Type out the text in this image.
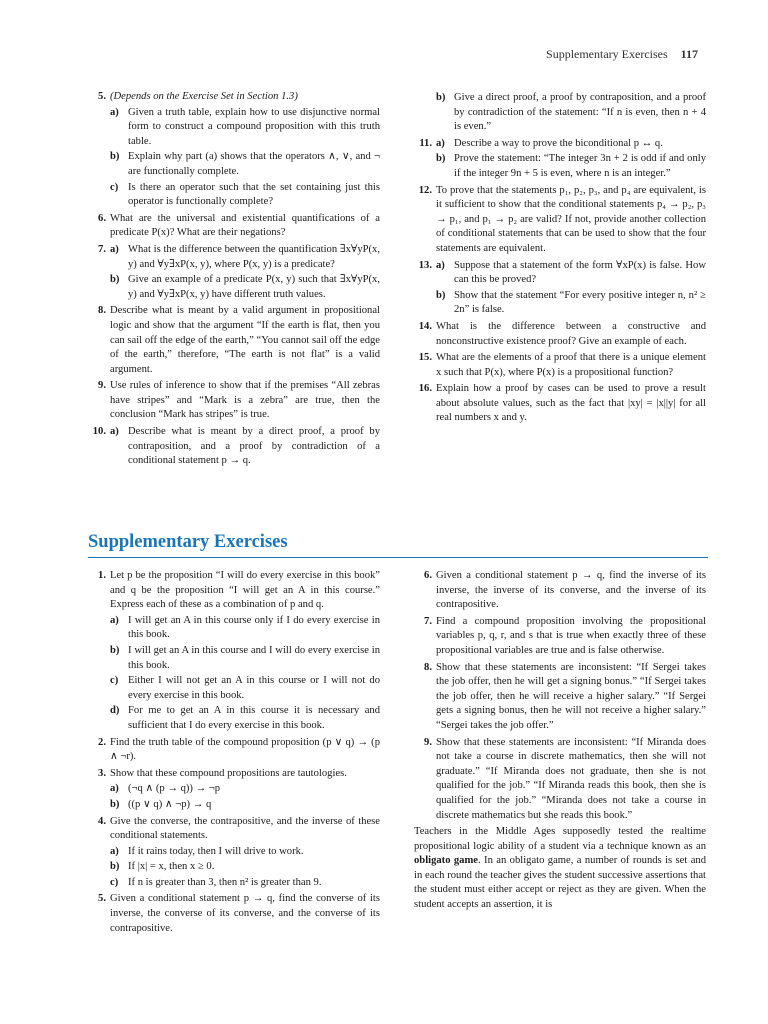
Supplementary Exercises 117
5. (Depends on the Exercise Set in Section 1.3)
a) Given a truth table, explain how to use disjunctive normal form to construct a compound proposition with this truth table.
b) Explain why part (a) shows that the operators ∧, ∨, and ¬ are functionally complete.
c) Is there an operator such that the set containing just this operator is functionally complete?
6. What are the universal and existential quantifications of a predicate P(x)? What are their negations?
7. a) What is the difference between the quantification ∃x∀yP(x, y) and ∀y∃xP(x, y), where P(x, y) is a predicate?
b) Give an example of a predicate P(x, y) such that ∃x∀yP(x, y) and ∀y∃xP(x, y) have different truth values.
8. Describe what is meant by a valid argument in propositional logic and show that the argument “If the earth is flat, then you can sail off the edge of the earth,” “You cannot sail off the edge of the earth,” therefore, “The earth is not flat” is a valid argument.
9. Use rules of inference to show that if the premises “All zebras have stripes” and “Mark is a zebra” are true, then the conclusion “Mark has stripes” is true.
10. a) Describe what is meant by a direct proof, a proof by contraposition, and a proof by contradiction of a conditional statement p → q.
b) Give a direct proof, a proof by contraposition, and a proof by contradiction of the statement: “If n is even, then n + 4 is even.”
11. a) Describe a way to prove the biconditional p ↔ q.
b) Prove the statement: “The integer 3n + 2 is odd if and only if the integer 9n + 5 is even, where n is an integer.”
12. To prove that the statements p₁, p₂, p₃, and p₄ are equivalent, is it sufficient to show that the conditional statements p₄ → p₂, p₃ → p₁, and p₁ → p₂ are valid? If not, provide another collection of conditional statements that can be used to show that the four statements are equivalent.
13. a) Suppose that a statement of the form ∀xP(x) is false. How can this be proved?
b) Show that the statement “For every positive integer n, n² ≥ 2n” is false.
14. What is the difference between a constructive and nonconstructive existence proof? Give an example of each.
15. What are the elements of a proof that there is a unique element x such that P(x), where P(x) is a propositional function?
16. Explain how a proof by cases can be used to prove a result about absolute values, such as the fact that |xy| = |x||y| for all real numbers x and y.
Supplementary Exercises
1. Let p be the proposition “I will do every exercise in this book” and q be the proposition “I will get an A in this course.” Express each of these as a combination of p and q.
a) I will get an A in this course only if I do every exercise in this book.
b) I will get an A in this course and I will do every exercise in this book.
c) Either I will not get an A in this course or I will not do every exercise in this book.
d) For me to get an A in this course it is necessary and sufficient that I do every exercise in this book.
2. Find the truth table of the compound proposition (p ∨ q) → (p ∧ ¬r).
3. Show that these compound propositions are tautologies.
a) (¬q ∧ (p → q)) → ¬p
b) ((p ∨ q) ∧ ¬p) → q
4. Give the converse, the contrapositive, and the inverse of these conditional statements.
a) If it rains today, then I will drive to work.
b) If |x| = x, then x ≥ 0.
c) If n is greater than 3, then n² is greater than 9.
5. Given a conditional statement p → q, find the converse of its inverse, the converse of its converse, and the converse of its contrapositive.
6. Given a conditional statement p → q, find the inverse of its inverse, the inverse of its converse, and the inverse of its contrapositive.
7. Find a compound proposition involving the propositional variables p, q, r, and s that is true when exactly three of these propositional variables are true and is false otherwise.
8. Show that these statements are inconsistent: “If Sergei takes the job offer, then he will get a signing bonus.” “If Sergei takes the job offer, then he will receive a higher salary.” “If Sergei gets a signing bonus, then he will not receive a higher salary.” “Sergei takes the job offer.”
9. Show that these statements are inconsistent: “If Miranda does not take a course in discrete mathematics, then she will not graduate.” “If Miranda does not graduate, then she is not qualified for the job.” “If Miranda reads this book, then she is qualified for the job.” “Miranda does not take a course in discrete mathematics but she reads this book.”
Teachers in the Middle Ages supposedly tested the realtime propositional logic ability of a student via a technique known as an obligato game. In an obligato game, a number of rounds is set and in each round the teacher gives the student successive assertions that the student must either accept or reject as they are given. When the student accepts an assertion, it is
